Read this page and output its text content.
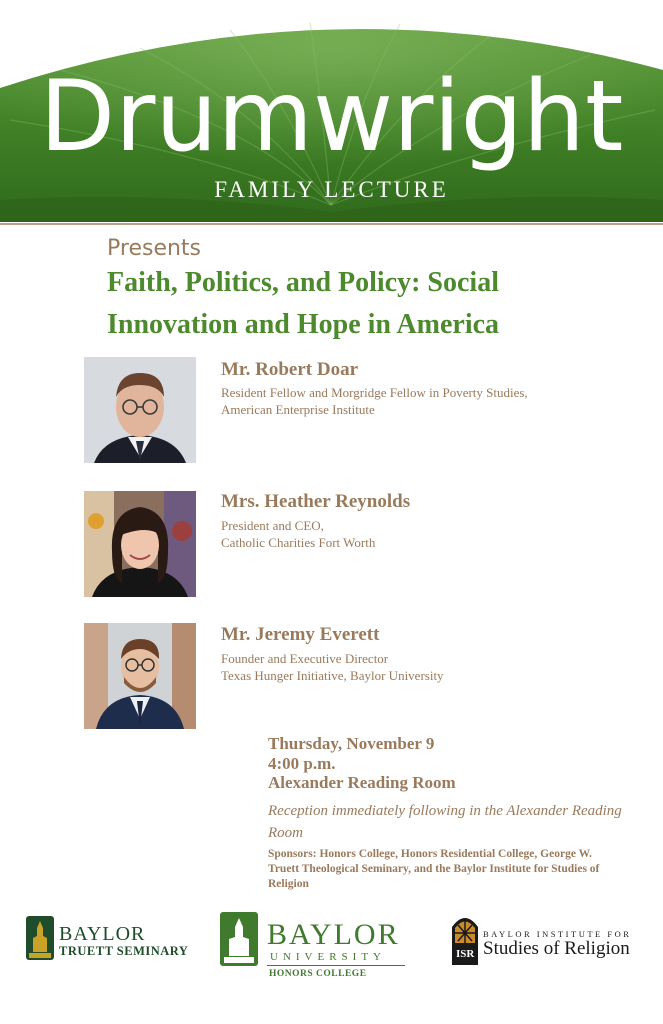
Drumwright
FAMILY LECTURE
Presents
Faith, Politics, and Policy: Social
Innovation and Hope in America
Mr. Robert Doar
Resident Fellow and Morgridge Fellow in Poverty Studies,
American Enterprise Institute
Mrs. Heather Reynolds
President and CEO,
Catholic Charities Fort Worth
Mr. Jeremy Everett
Founder and Executive Director
Texas Hunger Initiative, Baylor University
Thursday, November 9
4:00 p.m.
Alexander Reading Room
Reception immediately following in the Alexander Reading Room
Sponsors: Honors College, Honors Residential College, George W. Truett Theological Seminary, and the Baylor Institute for Studies of Religion
BAYLOR
TRUETT SEMINARY	BAYLOR
UNIVERSITY
HONORS COLLEGE
ISR
BAYLOR INSTITUTE FOR
Studies of Religion
